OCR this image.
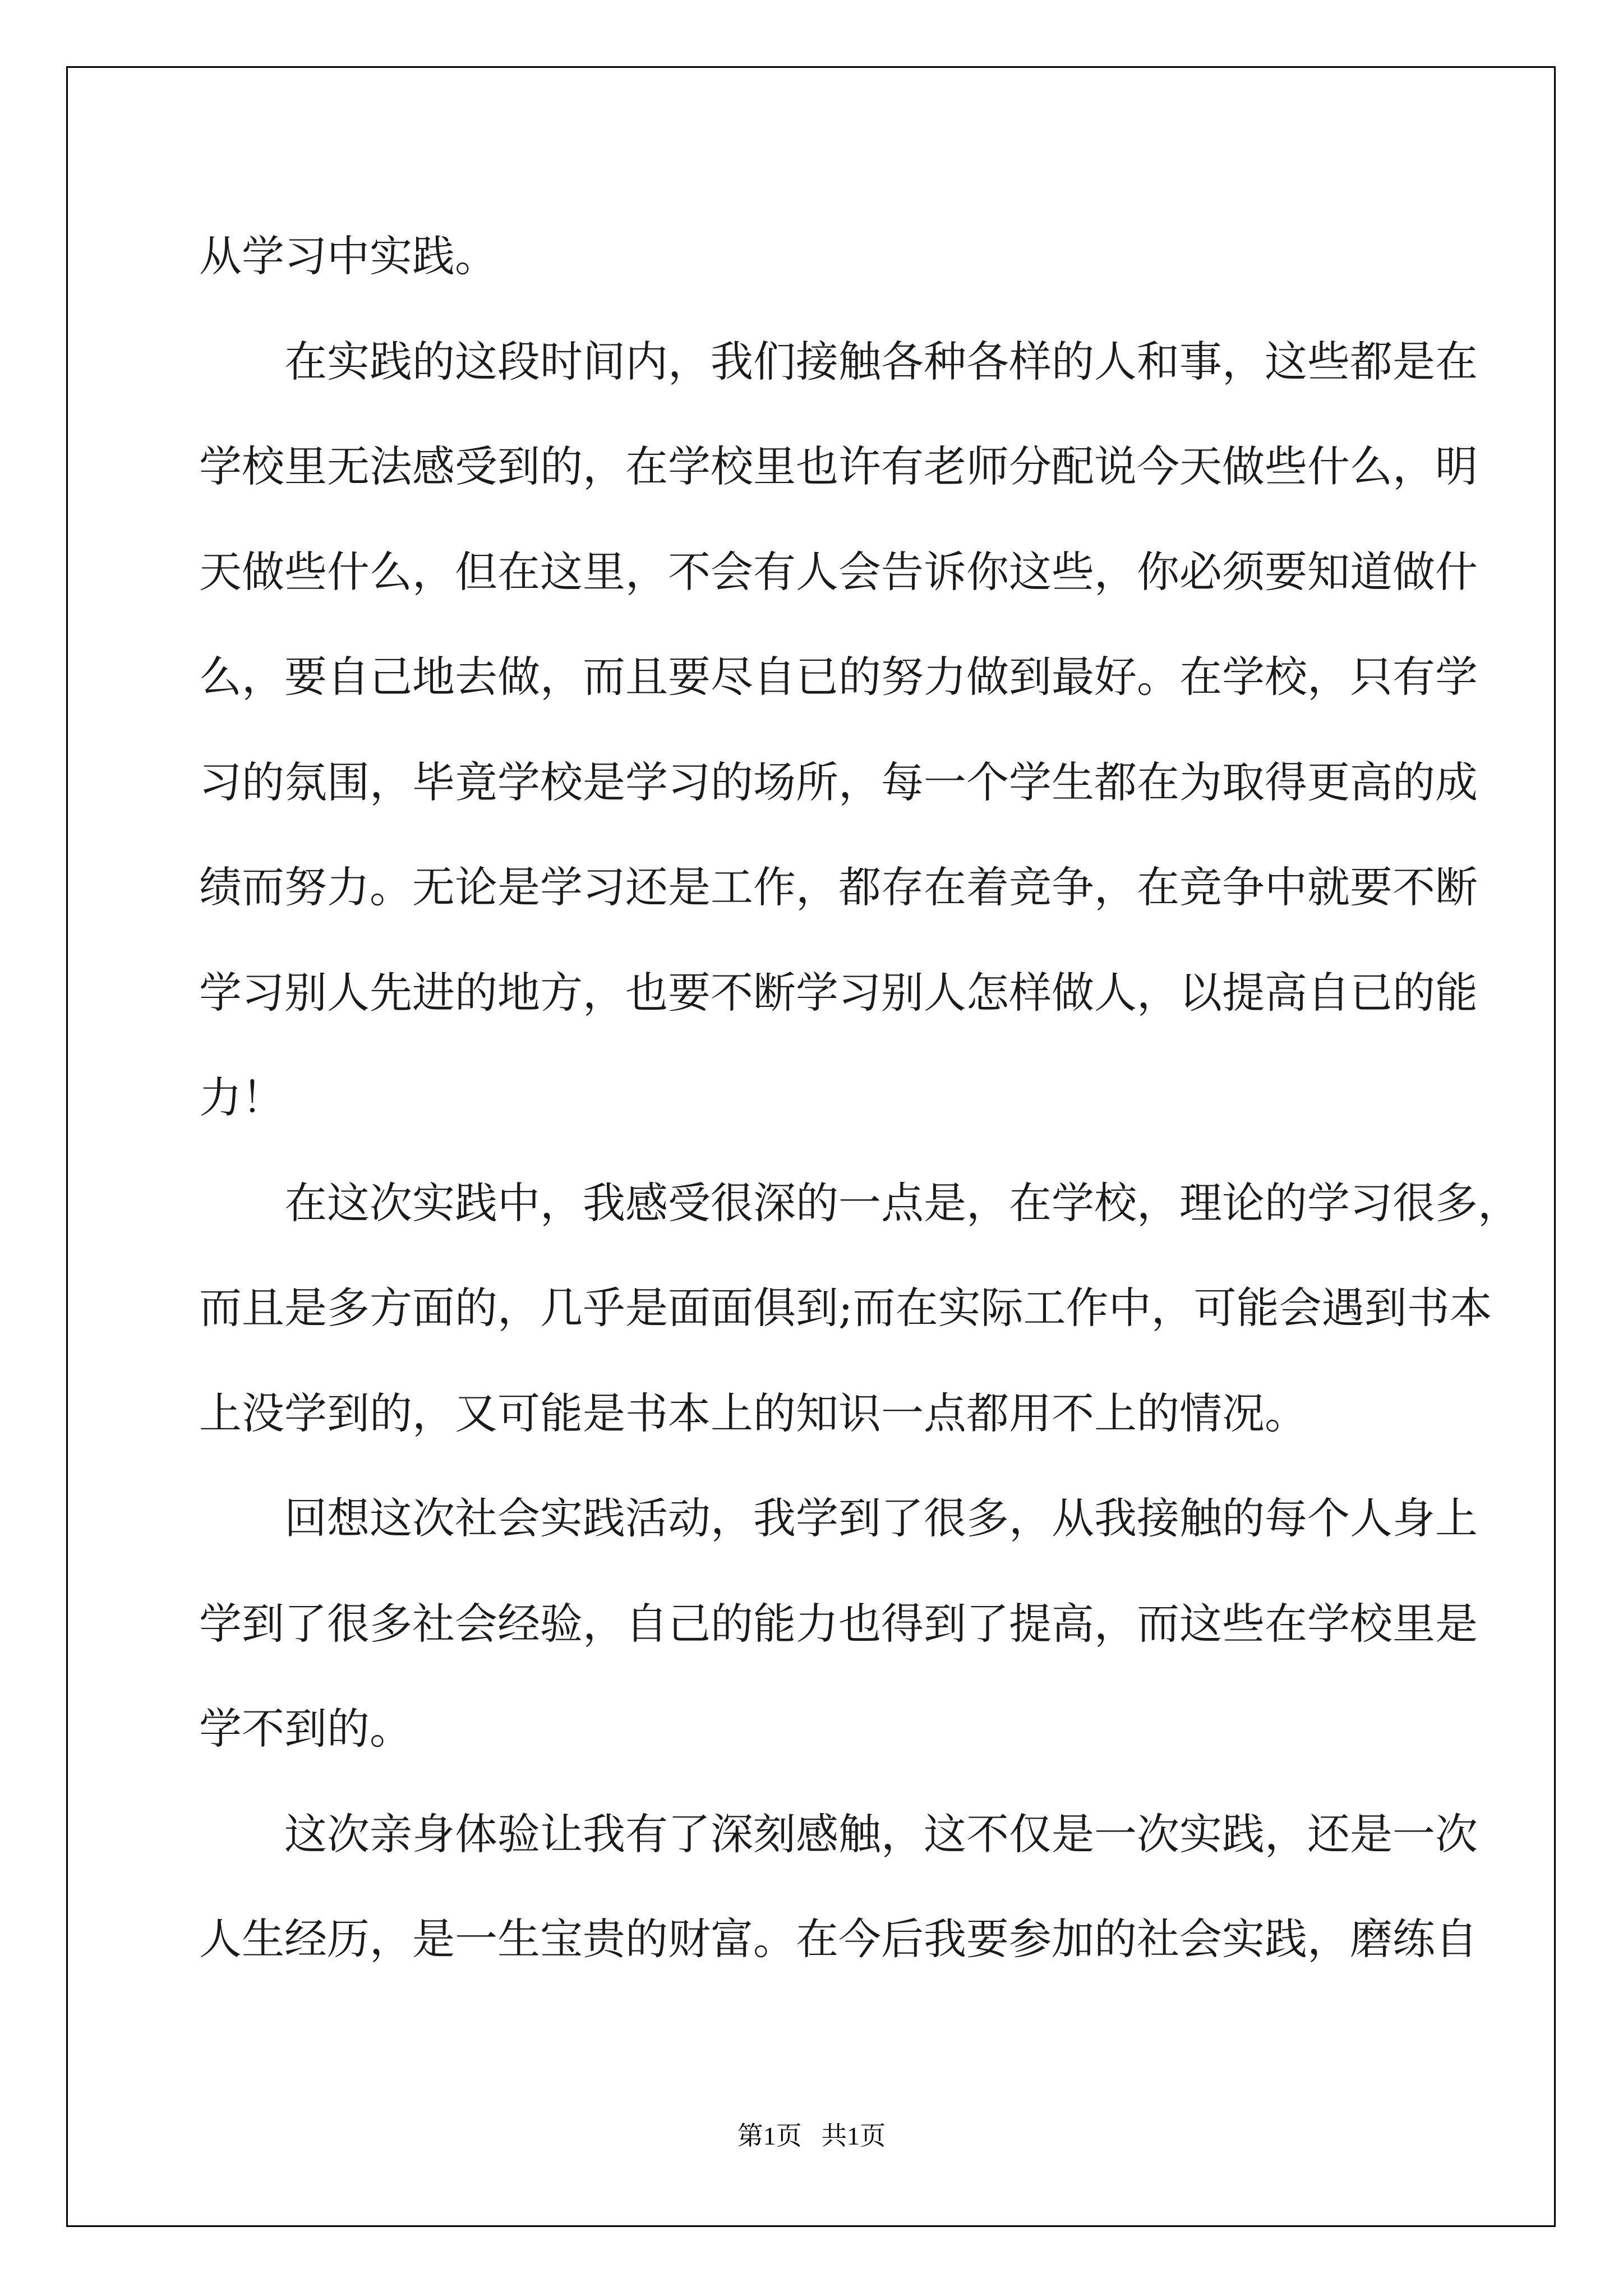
从学习中实践。
在实践的这段时间内，我们接触各种各样的人和事，这些都是在
学校里无法感受到的，在学校里也许有老师分配说今天做些什么，明
天做些什么，但在这里，不会有人会告诉你这些，你必须要知道做什
么，要自己地去做，而且要尽自已的努力做到最好。在学校，只有学
习的氛围，毕竟学校是学习的场所，每一个学生都在为取得更高的成
绩而努力。无论是学习还是工作，都存在着竞争，在竞争中就要不断
学习别人先进的地方，也要不断学习别人怎样做人，以提高自已的能
力！
在这次实践中，我感受很深的一点是，在学校，理论的学习很多，
而且是多方面的，几乎是面面俱到;而在实际工作中，可能会遇到书本
上没学到的，又可能是书本上的知识一点都用不上的情况。
回想这次社会实践活动，我学到了很多，从我接触的每个人身上
学到了很多社会经验，自己的能力也得到了提高，而这些在学校里是
学不到的。
这次亲身体验让我有了深刻感触，这不仅是一次实践，还是一次
人生经历，是一生宝贵的财富。在今后我要参加的社会实践，磨练自
第1页 共1页
